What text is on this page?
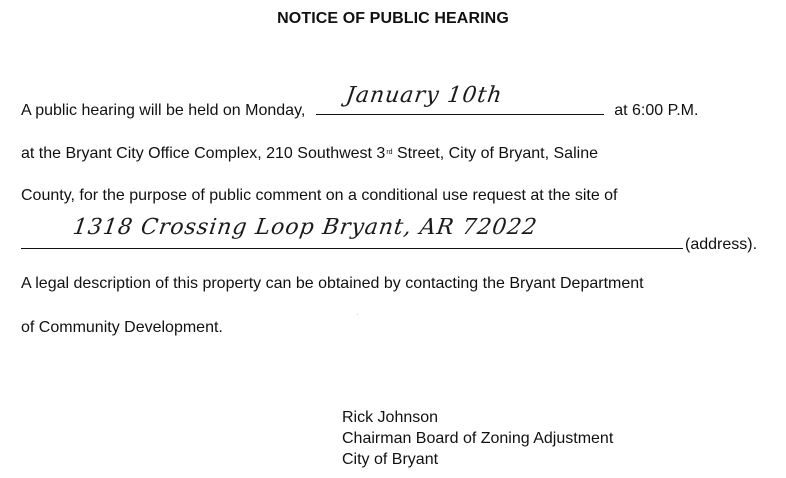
NOTICE OF PUBLIC HEARING
A public hearing will be held on Monday,
January 10th
at 6:00 P.M.
at the Bryant City Office Complex, 210 Southwest 3rd Street, City of Bryant, Saline
County, for the purpose of public comment on a conditional use request at the site of
1318 Crossing Loop Bryant, AR 72022
(address).
A legal description of this property can be obtained by contacting the Bryant Department
of Community Development.
Rick Johnson
Chairman Board of Zoning Adjustment
City of Bryant
